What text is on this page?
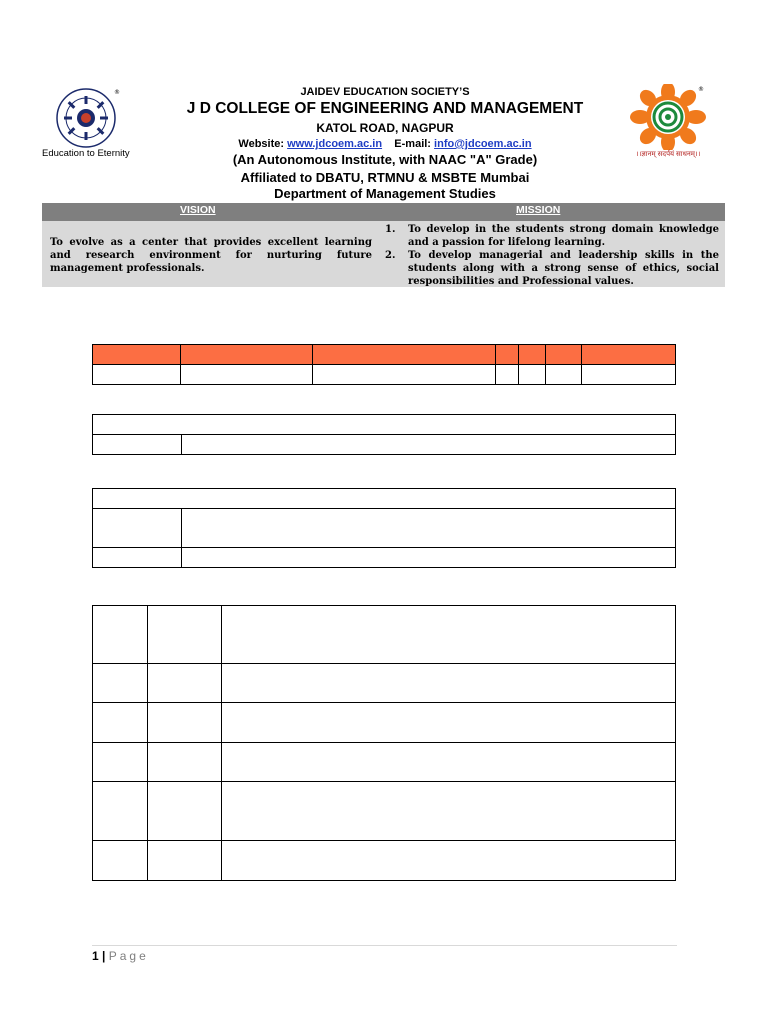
®
Education to Eternity
®
।।ज्ञानम् सदर्पयं साधनम्।।
JAIDEV EDUCATION SOCIETY’S
J D COLLEGE OF ENGINEERING AND MANAGEMENT
KATOL ROAD, NAGPUR
Website: www.jdcoem.ac.in E-mail: info@jdcoem.ac.in
(An Autonomous Institute, with NAAC "A" Grade)
Affiliated to DBATU, RTMNU & MSBTE Mumbai
Department of Management Studies
VISION	MISSION
To evolve as a center that provides excellent learning and research environment for nurturing future management professionals.
1. To develop in the students strong domain knowledge and a passion for lifelong learning.
2. To develop managerial and leadership skills in the students along with a strong sense of ethics, social responsibilities and Professional values.
1 | Page
